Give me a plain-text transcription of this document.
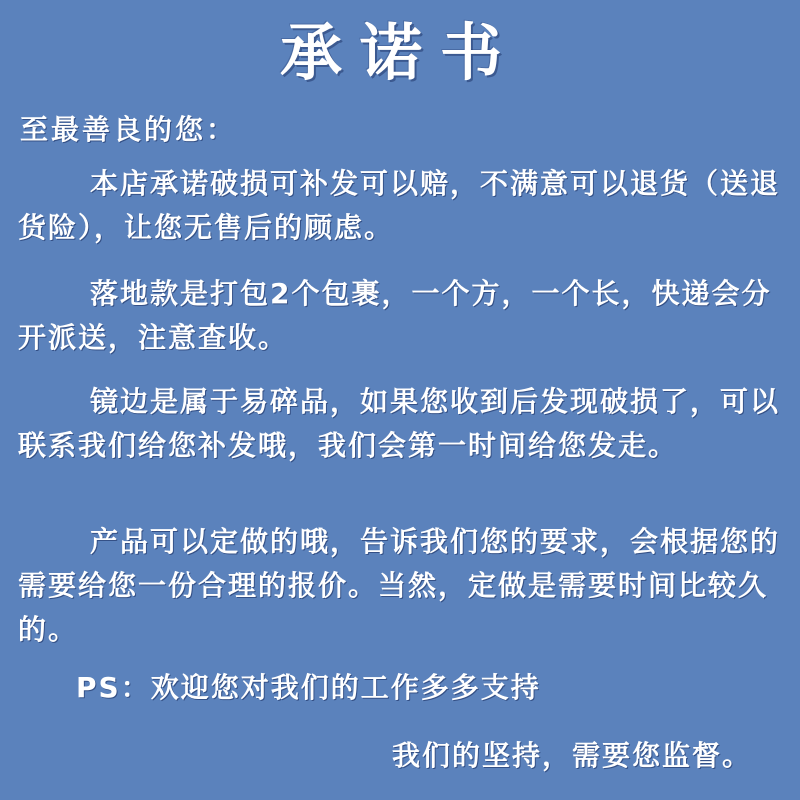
承诺书
至最善良的您：
本店承诺破损可补发可以赔，不满意可以退货（送退货险），让您无售后的顾虑。
落地款是打包2个包裹，一个方，一个长，快递会分开派送，注意查收。
镜边是属于易碎品，如果您收到后发现破损了，可以联系我们给您补发哦，我们会第一时间给您发走。
产品可以定做的哦，告诉我们您的要求，会根据您的需要给您一份合理的报价。当然，定做是需要时间比较久的。
PS：欢迎您对我们的工作多多支持
我们的坚持，需要您监督。
